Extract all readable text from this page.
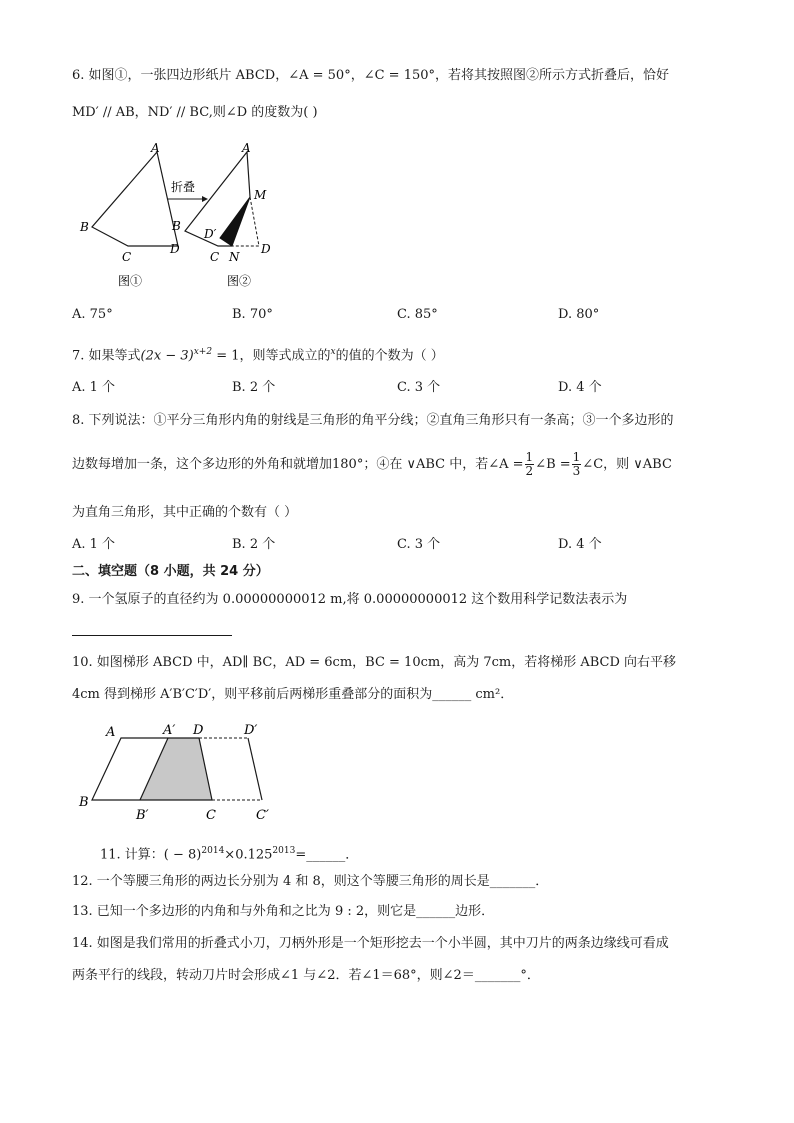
6. 如图①，一张四边形纸片 ABCD，∠A = 50°，∠C = 150°，若将其按照图②所示方式折叠后，恰好
MD′ // AB，ND′ // BC,则∠D 的度数为( )
A
B
C
D
图①
折叠
A
M
B
D′
D
C N
图②
A. 75°	B. 70°	C. 85°	D. 80°
7. 如果等式$(2x - 3)^{x+2} = 1$，则等式成立的$^x$的值的个数为（ ）
A. 1 个	B. 2 个	C. 3 个	D. 4 个
8. 下列说法：①平分三角形内角的射线是三角形的角平分线；②直角三角形只有一条高；③一个多边形的
边数每增加一条，这个多边形的外角和就增加180°；④在 ∨ABC 中，若∠A = $\frac{1}{2}$ ∠B = $\frac{1}{3}$ ∠C，则 ∨ABC
为直角三角形，其中正确的个数有（ ）
A. 1 个	B. 2 个	C. 3 个	D. 4 个
二、填空题（8 小题，共 24 分）
9. 一个氢原子的直径约为 0.00000000012 m,将 0.00000000012 这个数用科学记数法表示为
10. 如图梯形 ABCD 中，AD∥ BC，AD = 6cm，BC = 10cm，高为 7cm，若将梯形 ABCD 向右平移
4cm 得到梯形 A′B′C′D′，则平移前后两梯形重叠部分的面积为______ cm²．
A	A′ D	D′
B
B′	C	C′
11. 计算：( − $8)^{2014}\times 0.125^{2013}=\_\_\_\_\_\_$．
12. 一个等腰三角形的两边长分别为 4 和 8，则这个等腰三角形的周长是_______．
13. 已知一个多边形的内角和与外角和之比为 9 : 2，则它是______边形．
14. 如图是我们常用的折叠式小刀，刀柄外形是一个矩形挖去一个小半圆，其中刀片的两条边缘线可看成
两条平行的线段，转动刀片时会形成∠1 与∠2．若∠1＝68°，则∠2＝_______°．
